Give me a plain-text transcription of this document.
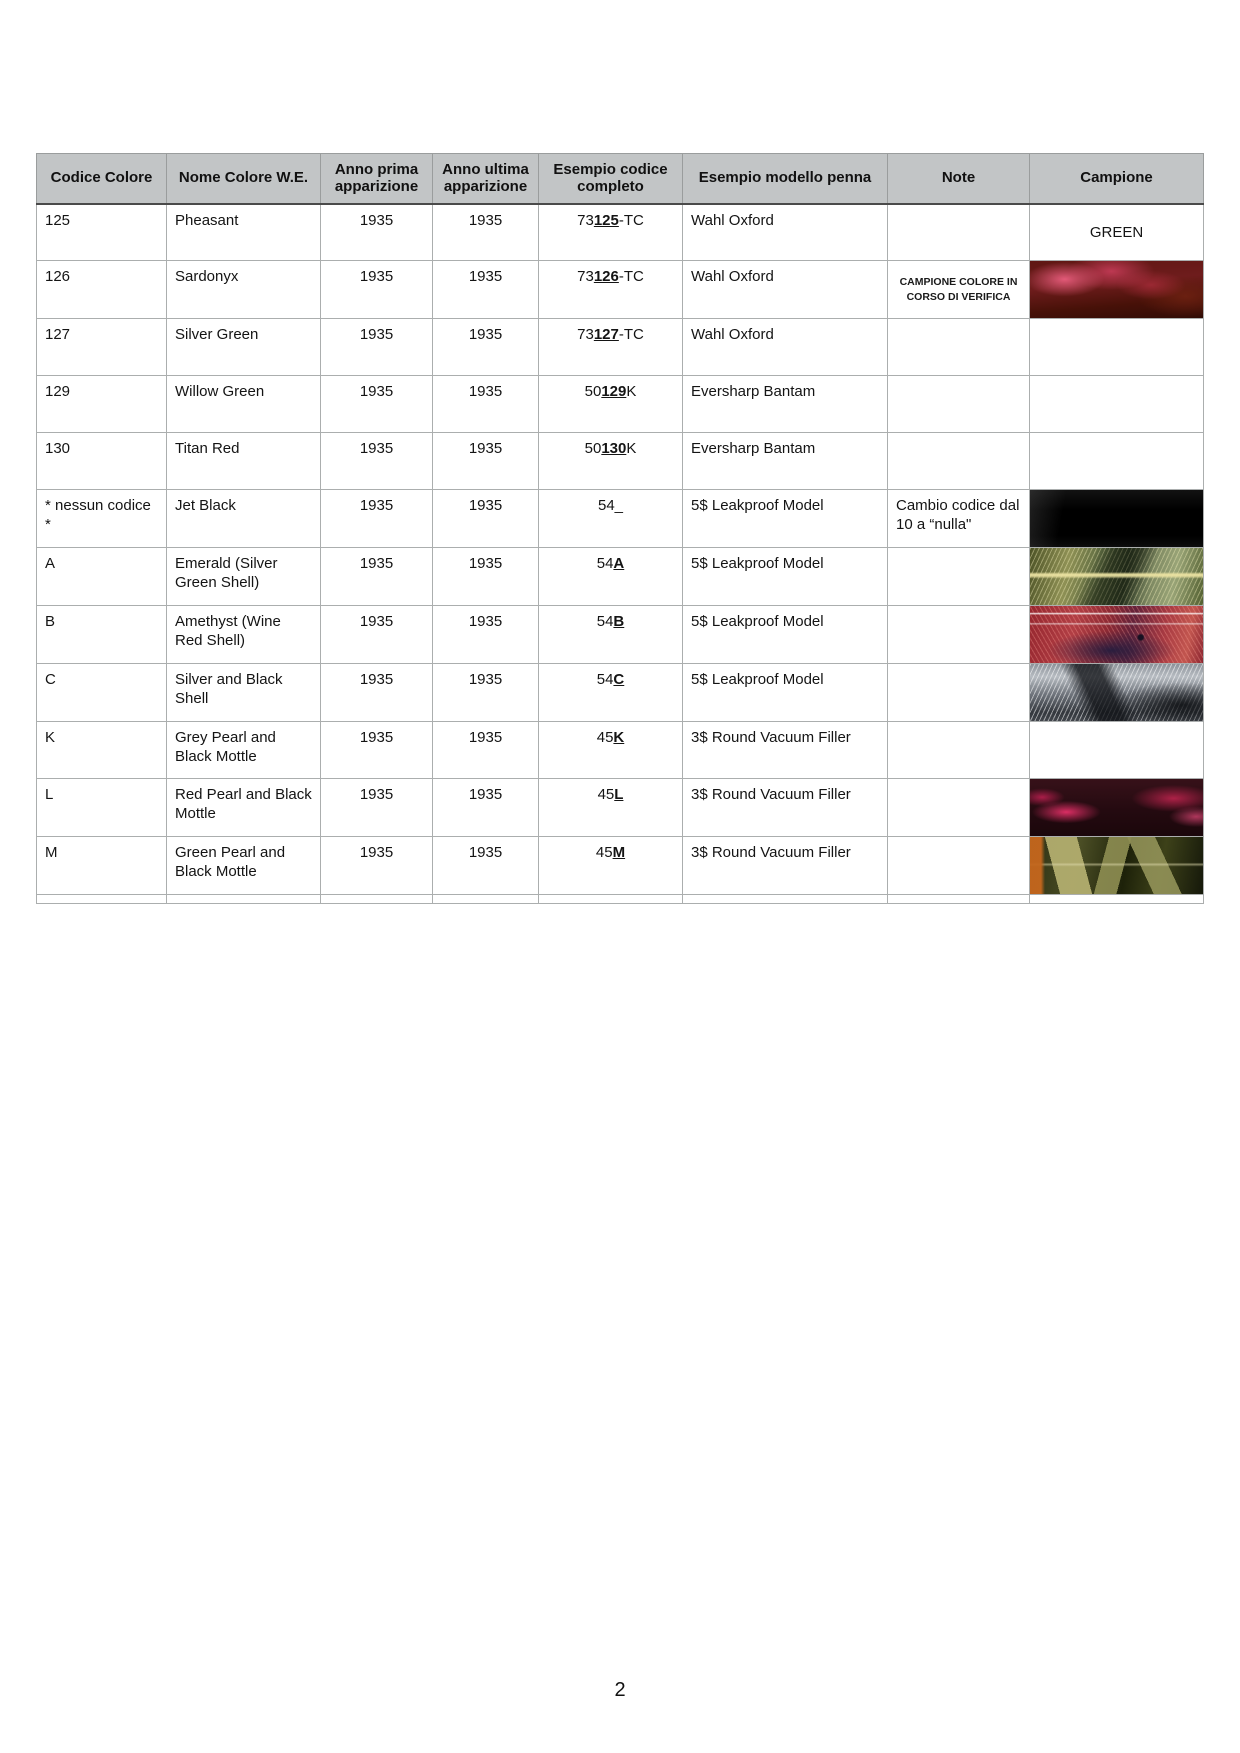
Codice Colore	Nome Colore W.E.	Anno prima apparizione	Anno ultima apparizione	Esempio codice completo	Esempio modello penna	Note	Campione
125	Pheasant	1935	1935	73125-TC	Wahl Oxford		GREEN
126	Sardonyx	1935	1935	73126-TC	Wahl Oxford	CAMPIONE COLORE IN CORSO DI VERIFICA	

127	Silver Green	1935	1935	73127-TC	Wahl Oxford		
129	Willow Green	1935	1935	50129K	Eversharp Bantam		
130	Titan Red	1935	1935	50130K	Eversharp Bantam		
* nessun codice *	Jet Black	1935	1935	54_	5$ Leakproof Model	Cambio codice dal 10 a “nulla"	

A	Emerald (Silver Green Shell)	1935	1935	54A	5$ Leakproof Model		

B	Amethyst (Wine Red Shell)	1935	1935	54B	5$ Leakproof Model		

C	Silver and Black Shell	1935	1935	54C	5$ Leakproof Model		

K	Grey Pearl and Black Mottle	1935	1935	45K	3$ Round Vacuum Filler		
L	Red Pearl and Black Mottle	1935	1935	45L	3$ Round Vacuum Filler		

M	Green Pearl and Black Mottle	1935	1935	45M	3$ Round Vacuum Filler		

2
